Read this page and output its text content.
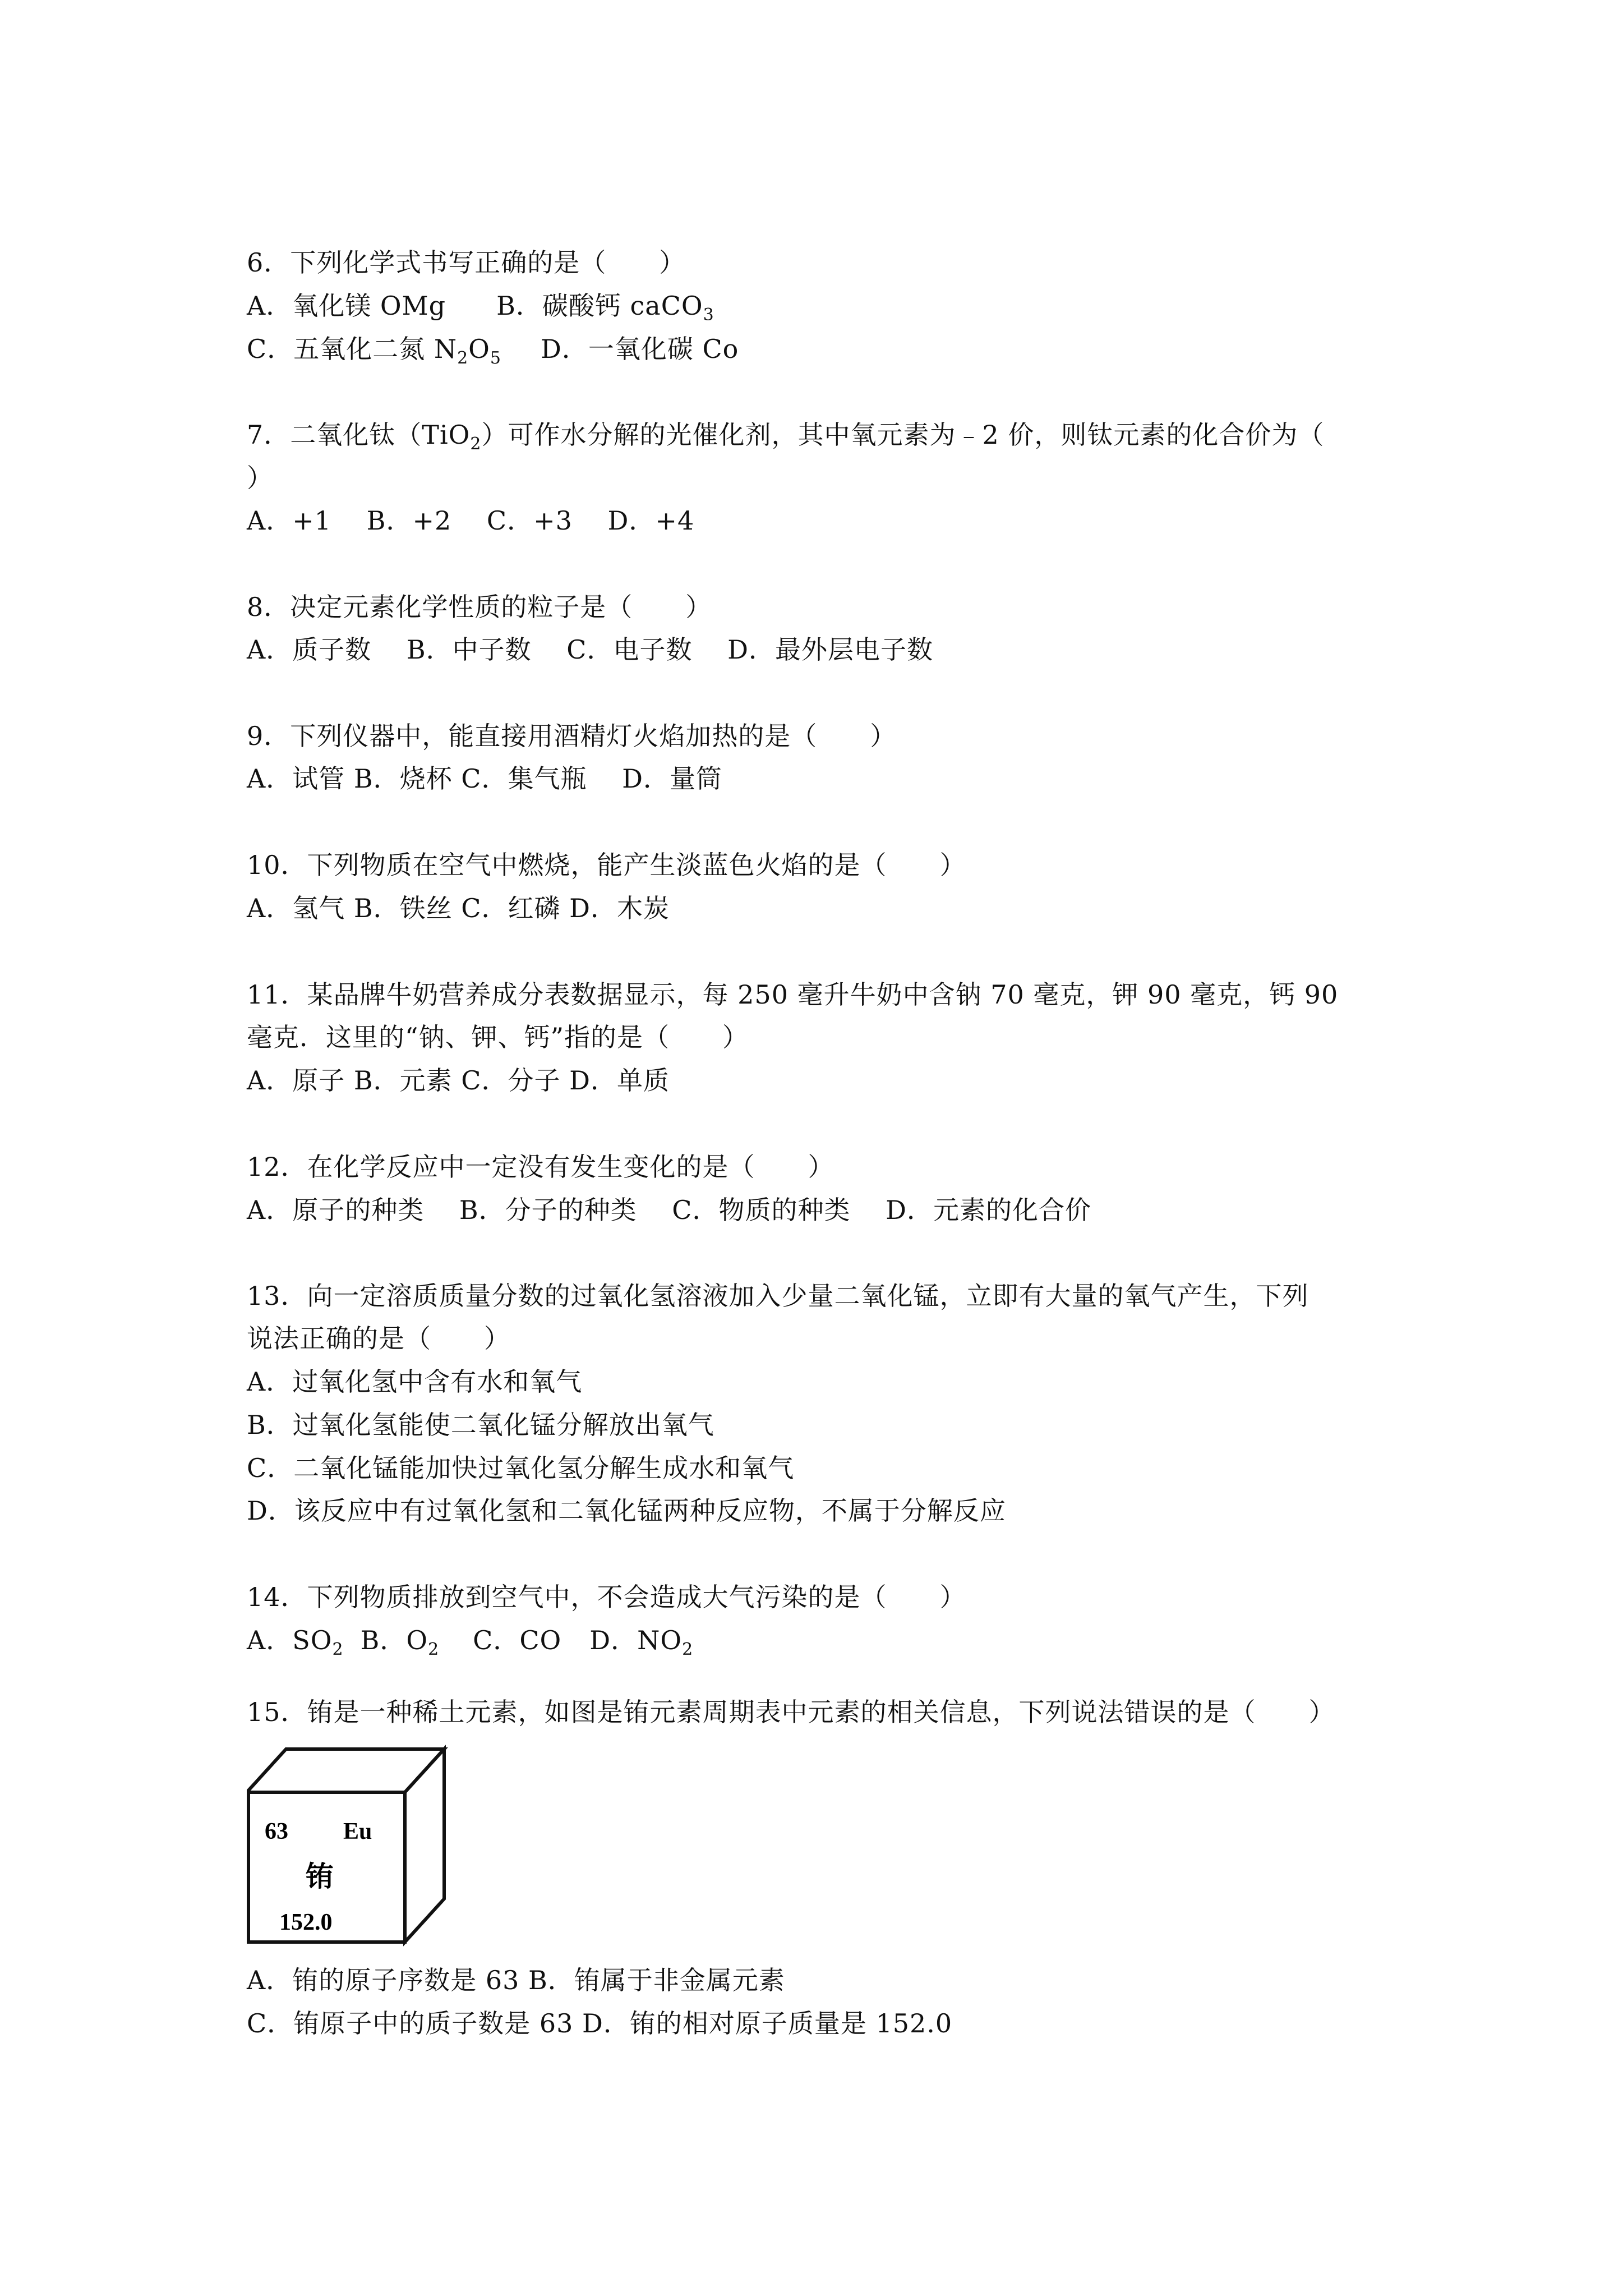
6．下列化学式书写正确的是（　　）
A．氧化镁 OMg B．碳酸钙 caCO$_3$
C．五氧化二氮 $N_2O_5$ D．一氧化碳 Co
7．二氧化钛（TiO$_2$）可作水分解的光催化剂，其中氧元素为﹣2 价，则钛元素的化合价为（
）
A．+1　 B．+2　 C．+3　 D．+4
8．决定元素化学性质的粒子是（　　）
A．质子数　 B．中子数　 C．电子数　 D．最外层电子数
9．下列仪器中，能直接用酒精灯火焰加热的是（　　）
A．试管 B．烧杯 C．集气瓶　 D．量筒
10．下列物质在空气中燃烧，能产生淡蓝色火焰的是（　　）
A．氢气 B．铁丝 C．红磷 D．木炭
11．某品牌牛奶营养成分表数据显示，每 250 毫升牛奶中含钠 70 毫克，钾 90 毫克，钙 90
毫克．这里的“钠、钾、钙”指的是（　　）
A．原子 B．元素 C．分子 D．单质
12．在化学反应中一定没有发生变化的是（　　）
A．原子的种类　 B．分子的种类　 C．物质的种类　 D．元素的化合价
13．向一定溶质质量分数的过氧化氢溶液加入少量二氧化锰，立即有大量的氧气产生，下列
说法正确的是（　　）
A．过氧化氢中含有水和氧气
B．过氧化氢能使二氧化锰分解放出氧气
C．二氧化锰能加快过氧化氢分解生成水和氧气
D．该反应中有过氧化氢和二氧化锰两种反应物，不属于分解反应
14．下列物质排放到空气中，不会造成大气污染的是（　　）
A．$SO_2$ B．$O_2$ C．CO D．$NO_2$
15．铕是一种稀土元素，如图是铕元素周期表中元素的相关信息，下列说法错误的是（　　）
63 Eu
铕
152.0
A．铕的原子序数是 63 B．铕属于非金属元素
C．铕原子中的质子数是 63 D．铕的相对原子质量是 152.0
